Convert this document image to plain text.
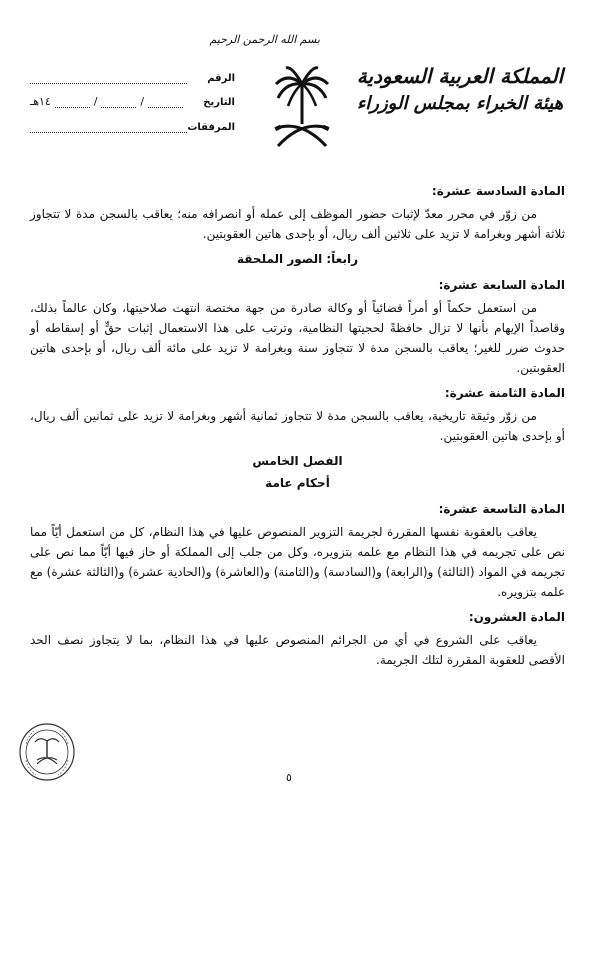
بسم الله الرحمن الرحيم
المملكة العربية السعودية
هيئة الخبراء بمجلس الوزراء
الرقم
التاريخ
/
/
١٤هـ
المرفقات
المادة السادسة عشرة:
من زوّر في محرر معدّ لإثبات حضور الموظف إلى عمله أو انصرافه منه؛ يعاقب بالسجن مدة لا تتجاوز ثلاثة أشهر وبغرامة لا تزيد على ثلاثين ألف ريال، أو بإحدى هاتين العقوبتين.
رابعاً: الصور الملحقة
المادة السابعة عشرة:
من استعمل حكماً أو أمراً قضائياً أو وكالة صادرة من جهة مختصة انتهت صلاحيتها، وكان عالماً بذلك، وقاصداً الإيهام بأنها لا تزال حافظةً لحجيتها النظامية، وترتب على هذا الاستعمال إثبات حقٍّ أو إسقاطه أو حدوث ضرر للغير؛ يعاقب بالسجن مدة لا تتجاوز سنة وبغرامة لا تزيد على مائة ألف ريال، أو بإحدى هاتين العقوبتين.
المادة الثامنة عشرة:
من زوّر وثيقة تاريخية، يعاقب بالسجن مدة لا تتجاوز ثمانية أشهر وبغرامة لا تزيد على ثمانين ألف ريال، أو بإحدى هاتين العقوبتين.
الفصل الخامس
أحكام عامة
المادة التاسعة عشرة:
يعاقب بالعقوبة نفسها المقررة لجريمة التزوير المنصوص عليها في هذا النظام، كل من استعمل أيّاً مما نص على تجريمه في هذا النظام مع علمه بتزويره، وكل من جلب إلى المملكة أو حاز فيها أيّاً مما نص على تجريمه في المواد (الثالثة) و(الرابعة) و(السادسة) و(الثامنة) و(العاشرة) و(الحادية عشرة) و(الثالثة عشرة) مع علمه بتزويره.
المادة العشرون:
يعاقب على الشروع في أي من الجرائم المنصوص عليها في هذا النظام، بما لا يتجاوز نصف الحد الأقصى للعقوبة المقررة لتلك الجريمة.
٥
